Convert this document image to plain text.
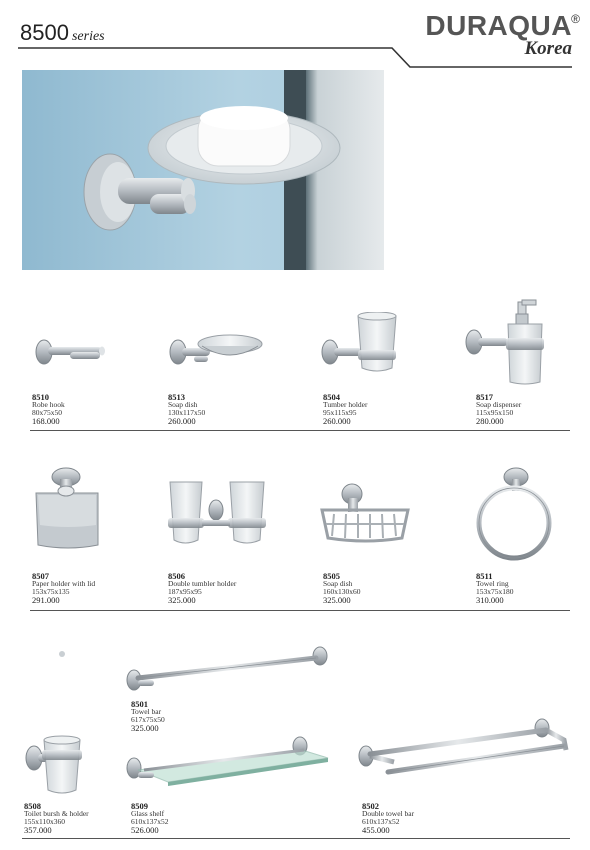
8500 series	DURAQUA ®
Korea
8510
Robe hook
80x75x50
168.000
8513
Soap dish
130x117x50
260.000
8504
Tumber holder
95x115x95
260.000
8517
Soap dispenser
115x95x150
280.000
8507
Paper holder with lid
153x75x135
291.000
8506
Double tumbler holder
187x95x95
325.000
8505
Soap dish
160x130x60
325.000
8511
Towel ring
153x75x180
310.000
8501
Towel bar
617x75x50
325.000
8508
Toilet bursh & holder
155x110x360
357.000
8509
Glass shelf
610x137x52
526.000
8502
Double towel bar
610x137x52
455.000
